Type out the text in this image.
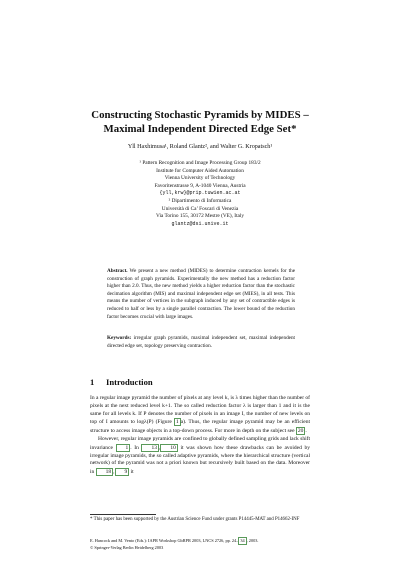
Constructing Stochastic Pyramids by MIDES –
Maximal Independent Directed Edge Set*
Yll Haxhimusa¹, Roland Glantz², and Walter G. Kropatsch¹
¹ Pattern Recognition and Image Processing Group 183/2
Institute for Computer Aided Automation
Vienna University of Technology
Favoritenstrasse 9, A-1040 Vienna, Austria
{yll,krw}@prip.tuwien.ac.at
² Dipartimento di Informatica
Università di Ca’ Foscari di Venezia
Via Torino 155, 30172 Mestre (VE), Italy
glantz@dsi.unive.it
Abstract. We present a new method (MIDES) to determine contraction kernels for the construction of graph pyramids. Experimentally the new method has a reduction factor higher than 2.0. Thus, the new method yields a higher reduction factor than the stochastic decimation algorithm (MIS) and maximal independent edge set (MIES), in all tests. This means the number of vertices in the subgraph induced by any set of contractible edges is reduced to half or less by a single parallel contraction. The lower bound of the reduction factor becomes crucial with large images.
Keywords: irregular graph pyramids, maximal independent set, maximal independent directed edge set, topology preserving contraction.
1 Introduction

In a regular image pyramid the number of pixels at any level k, is λ times higher than the number of pixels at the next reduced level k+1. The so called reduction factor λ is larger than 1 and it is the same for all levels k. If P denotes the number of pixels in an image I, the number of new levels on top of I amounts to logλ(P) (Figure 1 a). Thus, the regular image pyramid may be an efficient structure to access image objects in a top-down process. For more in depth on the subject see 20 .

However, regular image pyramids are confined to globally defined sampling grids and lack shift invariance 1 . In 13 , 10 it was shown how these drawbacks can be avoided by irregular image pyramids, the so called adaptive pyramids, where the hierarchical structure (vertical network) of the pyramid was not a priori known but recursively built based on the data. Moreover in 18 , 9 it

* This paper has been supported by the Austrian Science Fund under grants P14445-MAT and P14662-INF
E. Hancock and M. Vento (Eds.): IAPR Workshop GbRPR 2003, LNCS 2726, pp. 24– 34 , 2003.
© Springer-Verlag Berlin Heidelberg 2003
